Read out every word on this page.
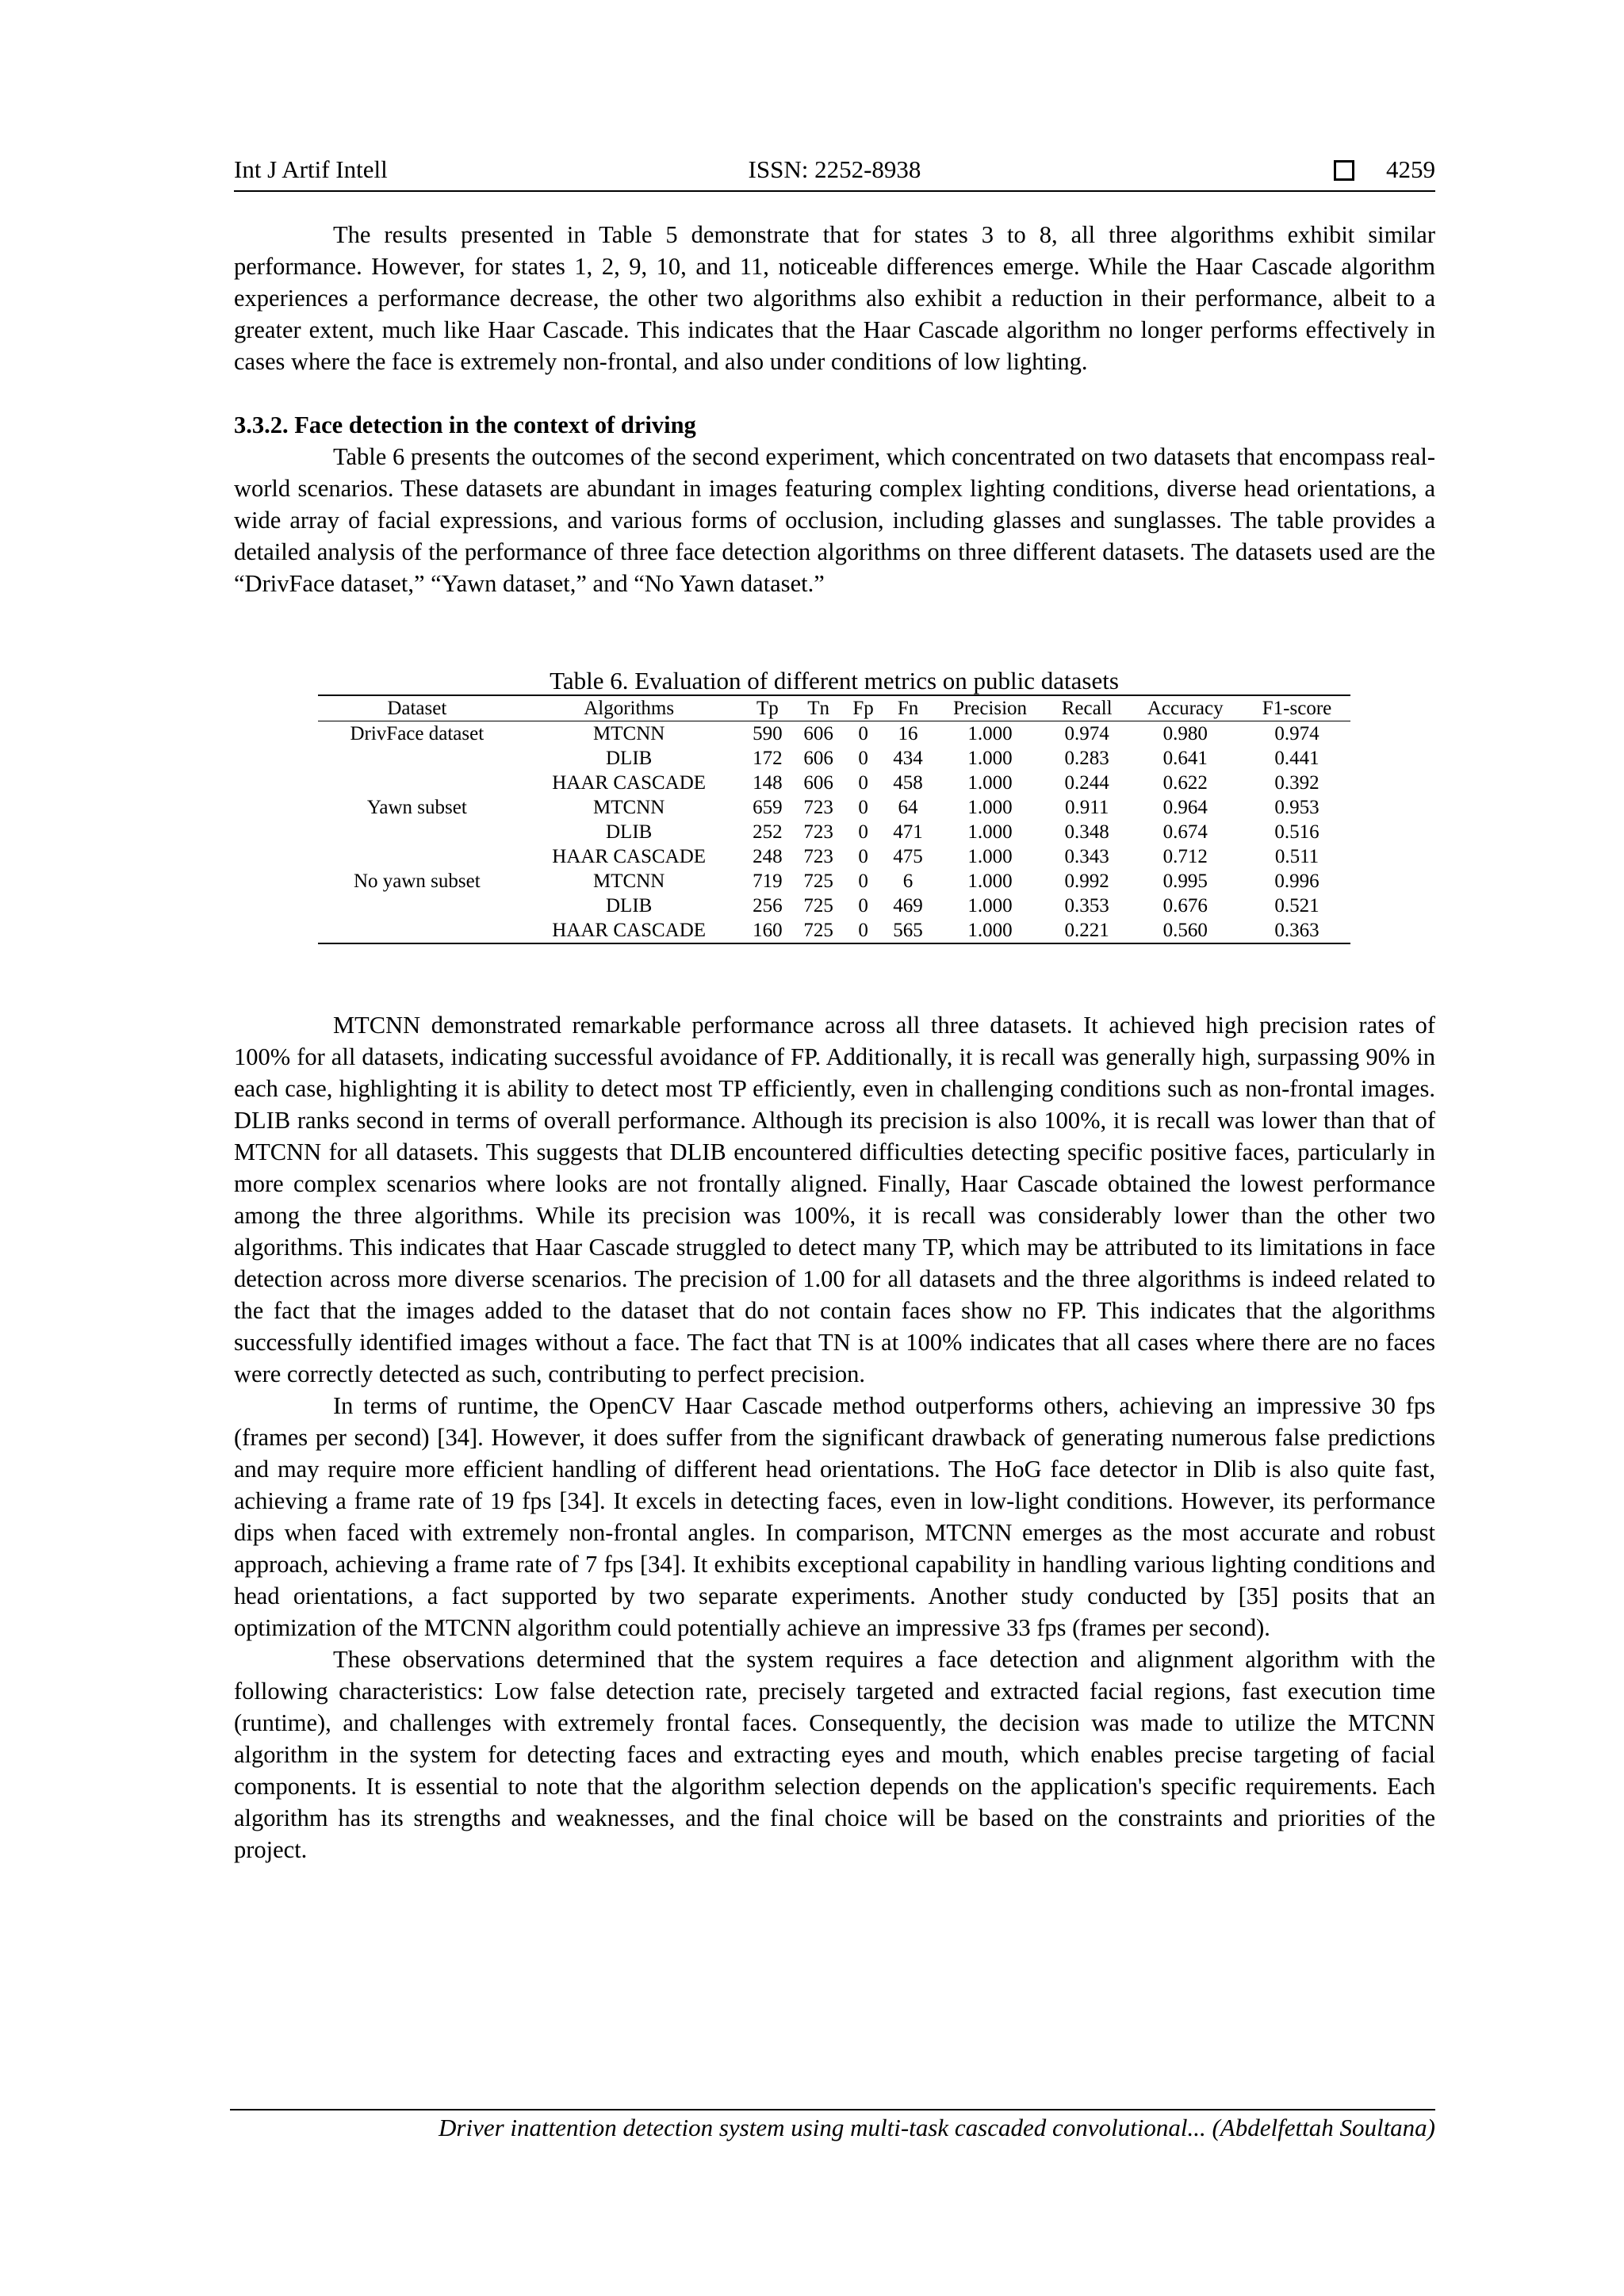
Int J Artif Intell	ISSN: 2252-8938	4259

The results presented in Table 5 demonstrate that for states 3 to 8, all three algorithms exhibit similar performance. However, for states 1, 2, 9, 10, and 11, noticeable differences emerge. While the Haar Cascade algorithm experiences a performance decrease, the other two algorithms also exhibit a reduction in their performance, albeit to a greater extent, much like Haar Cascade. This indicates that the Haar Cascade algorithm no longer performs effectively in cases where the face is extremely non-frontal, and also under conditions of low lighting.

3.3.2. Face detection in the context of driving

Table 6 presents the outcomes of the second experiment, which concentrated on two datasets that encompass real-world scenarios. These datasets are abundant in images featuring complex lighting conditions, diverse head orientations, a wide array of facial expressions, and various forms of occlusion, including glasses and sunglasses. The table provides a detailed analysis of the performance of three face detection algorithms on three different datasets. The datasets used are the “DrivFace dataset,” “Yawn dataset,” and “No Yawn dataset.”

Table 6. Evaluation of different metrics on public datasets
Dataset	Algorithms	Tp	Tn	Fp	Fn	Precision	Recall	Accuracy	F1-score
DrivFace dataset	MTCNN	590	606	0	16	1.000	0.974	0.980	0.974
	DLIB	172	606	0	434	1.000	0.283	0.641	0.441
	HAAR CASCADE	148	606	0	458	1.000	0.244	0.622	0.392
Yawn subset	MTCNN	659	723	0	64	1.000	0.911	0.964	0.953
	DLIB	252	723	0	471	1.000	0.348	0.674	0.516
	HAAR CASCADE	248	723	0	475	1.000	0.343	0.712	0.511
No yawn subset	MTCNN	719	725	0	6	1.000	0.992	0.995	0.996
	DLIB	256	725	0	469	1.000	0.353	0.676	0.521
	HAAR CASCADE	160	725	0	565	1.000	0.221	0.560	0.363

MTCNN demonstrated remarkable performance across all three datasets. It achieved high precision rates of 100% for all datasets, indicating successful avoidance of FP. Additionally, it is recall was generally high, surpassing 90% in each case, highlighting it is ability to detect most TP efficiently, even in challenging conditions such as non-frontal images. DLIB ranks second in terms of overall performance. Although its precision is also 100%, it is recall was lower than that of MTCNN for all datasets. This suggests that DLIB encountered difficulties detecting specific positive faces, particularly in more complex scenarios where looks are not frontally aligned. Finally, Haar Cascade obtained the lowest performance among the three algorithms. While its precision was 100%, it is recall was considerably lower than the other two algorithms. This indicates that Haar Cascade struggled to detect many TP, which may be attributed to its limitations in face detection across more diverse scenarios. The precision of 1.00 for all datasets and the three algorithms is indeed related to the fact that the images added to the dataset that do not contain faces show no FP. This indicates that the algorithms successfully identified images without a face. The fact that TN is at 100% indicates that all cases where there are no faces were correctly detected as such, contributing to perfect precision.

In terms of runtime, the OpenCV Haar Cascade method outperforms others, achieving an impressive 30 fps (frames per second) [34]. However, it does suffer from the significant drawback of generating numerous false predictions and may require more efficient handling of different head orientations. The HoG face detector in Dlib is also quite fast, achieving a frame rate of 19 fps [34]. It excels in detecting faces, even in low-light conditions. However, its performance dips when faced with extremely non-frontal angles. In comparison, MTCNN emerges as the most accurate and robust approach, achieving a frame rate of 7 fps [34]. It exhibits exceptional capability in handling various lighting conditions and head orientations, a fact supported by two separate experiments. Another study conducted by [35] posits that an optimization of the MTCNN algorithm could potentially achieve an impressive 33 fps (frames per second).

These observations determined that the system requires a face detection and alignment algorithm with the following characteristics: Low false detection rate, precisely targeted and extracted facial regions, fast execution time (runtime), and challenges with extremely frontal faces. Consequently, the decision was made to utilize the MTCNN algorithm in the system for detecting faces and extracting eyes and mouth, which enables precise targeting of facial components. It is essential to note that the algorithm selection depends on the application's specific requirements. Each algorithm has its strengths and weaknesses, and the final choice will be based on the constraints and priorities of the project.

Driver inattention detection system using multi-task cascaded convolutional... (Abdelfettah Soultana)
